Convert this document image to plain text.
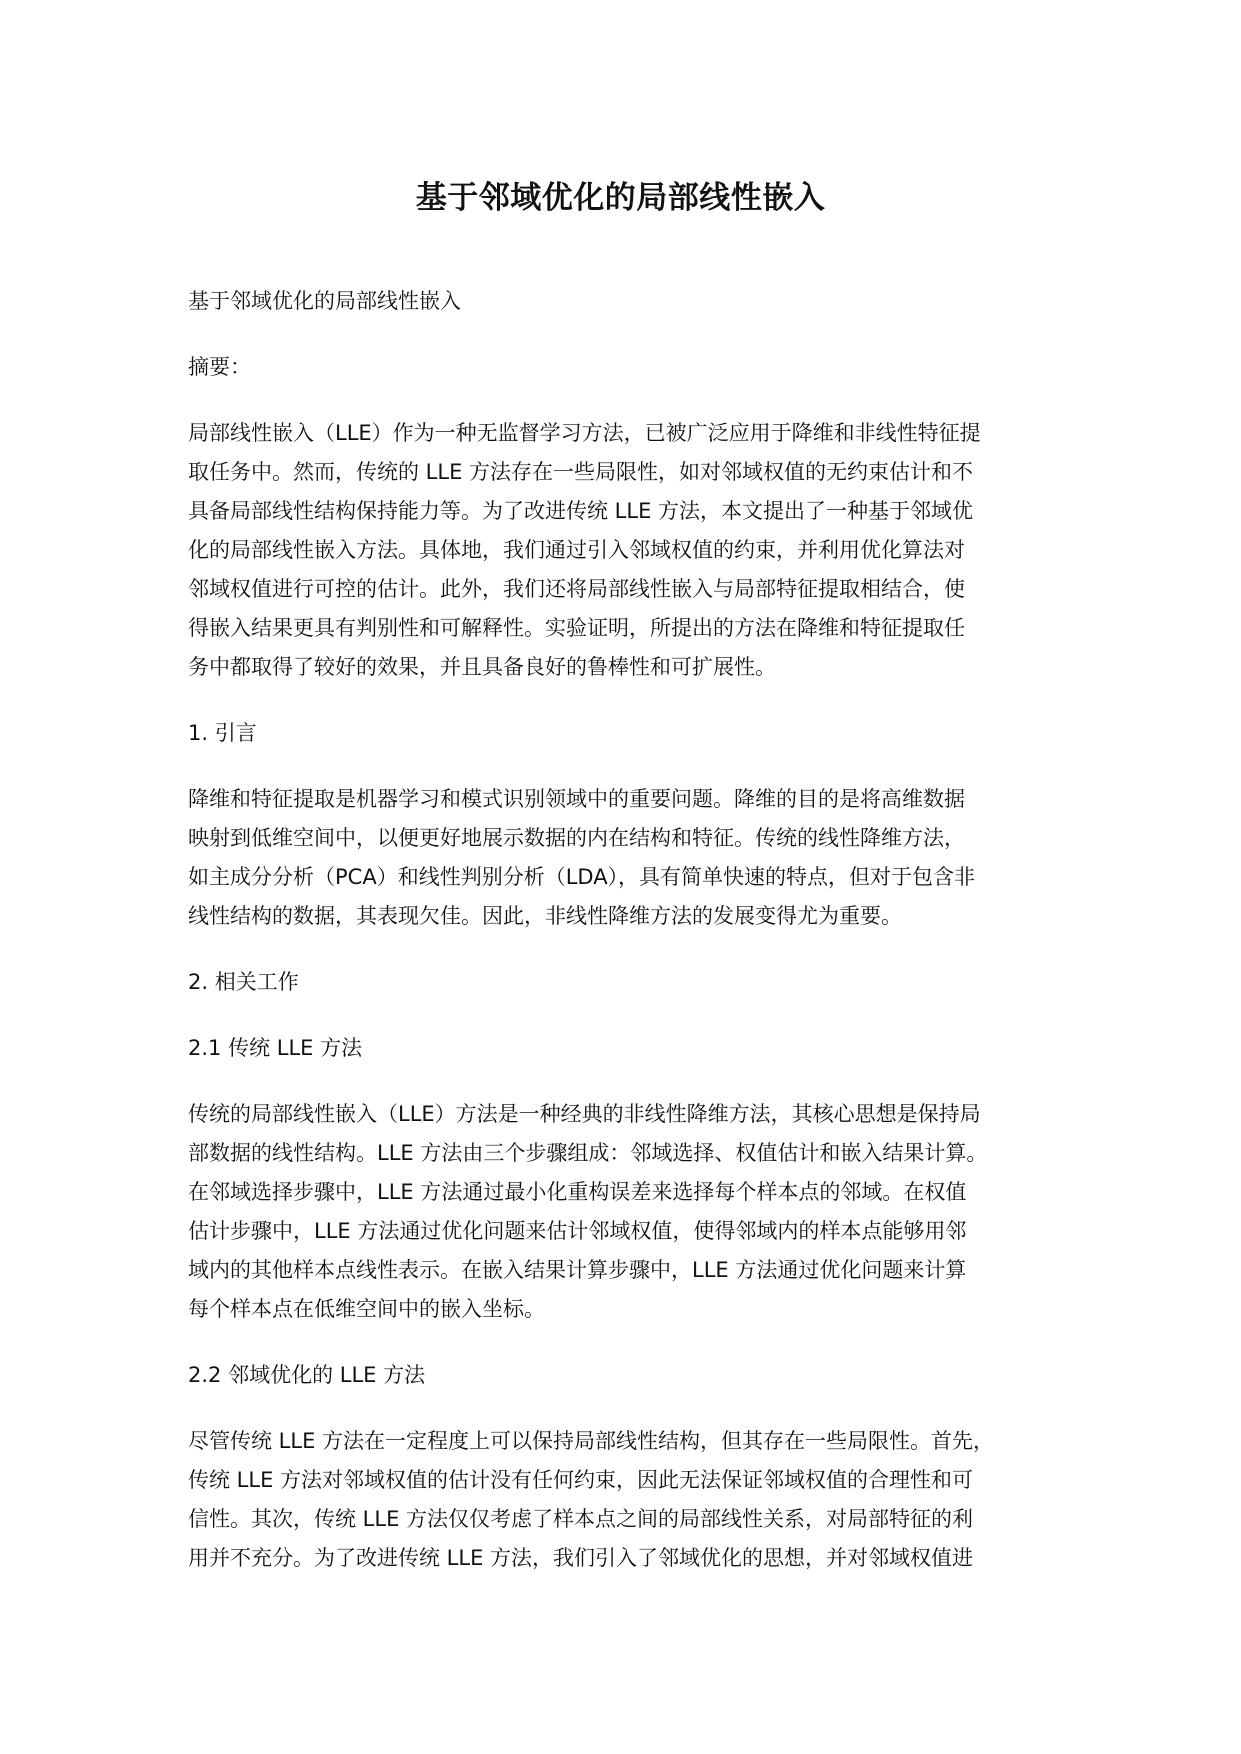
基于邻域优化的局部线性嵌入

基于邻域优化的局部线性嵌入

摘要：

局部线性嵌入（LLE）作为一种无监督学习方法，已被广泛应用于降维和非线性特征提
取任务中。然而，传统的 LLE 方法存在一些局限性，如对邻域权值的无约束估计和不
具备局部线性结构保持能力等。为了改进传统 LLE 方法，本文提出了一种基于邻域优
化的局部线性嵌入方法。具体地，我们通过引入邻域权值的约束，并利用优化算法对
邻域权值进行可控的估计。此外，我们还将局部线性嵌入与局部特征提取相结合，使
得嵌入结果更具有判别性和可解释性。实验证明，所提出的方法在降维和特征提取任
务中都取得了较好的效果，并且具备良好的鲁棒性和可扩展性。

1. 引言

降维和特征提取是机器学习和模式识别领域中的重要问题。降维的目的是将高维数据
映射到低维空间中，以便更好地展示数据的内在结构和特征。传统的线性降维方法，
如主成分分析（PCA）和线性判别分析（LDA），具有简单快速的特点，但对于包含非
线性结构的数据，其表现欠佳。因此，非线性降维方法的发展变得尤为重要。

2. 相关工作

2.1 传统 LLE 方法

传统的局部线性嵌入（LLE）方法是一种经典的非线性降维方法，其核心思想是保持局
部数据的线性结构。LLE 方法由三个步骤组成：邻域选择、权值估计和嵌入结果计算。
在邻域选择步骤中，LLE 方法通过最小化重构误差来选择每个样本点的邻域。在权值
估计步骤中，LLE 方法通过优化问题来估计邻域权值，使得邻域内的样本点能够用邻
域内的其他样本点线性表示。在嵌入结果计算步骤中，LLE 方法通过优化问题来计算
每个样本点在低维空间中的嵌入坐标。

2.2 邻域优化的 LLE 方法

尽管传统 LLE 方法在一定程度上可以保持局部线性结构，但其存在一些局限性。首先，
传统 LLE 方法对邻域权值的估计没有任何约束，因此无法保证邻域权值的合理性和可
信性。其次，传统 LLE 方法仅仅考虑了样本点之间的局部线性关系，对局部特征的利
用并不充分。为了改进传统 LLE 方法，我们引入了邻域优化的思想，并对邻域权值进
